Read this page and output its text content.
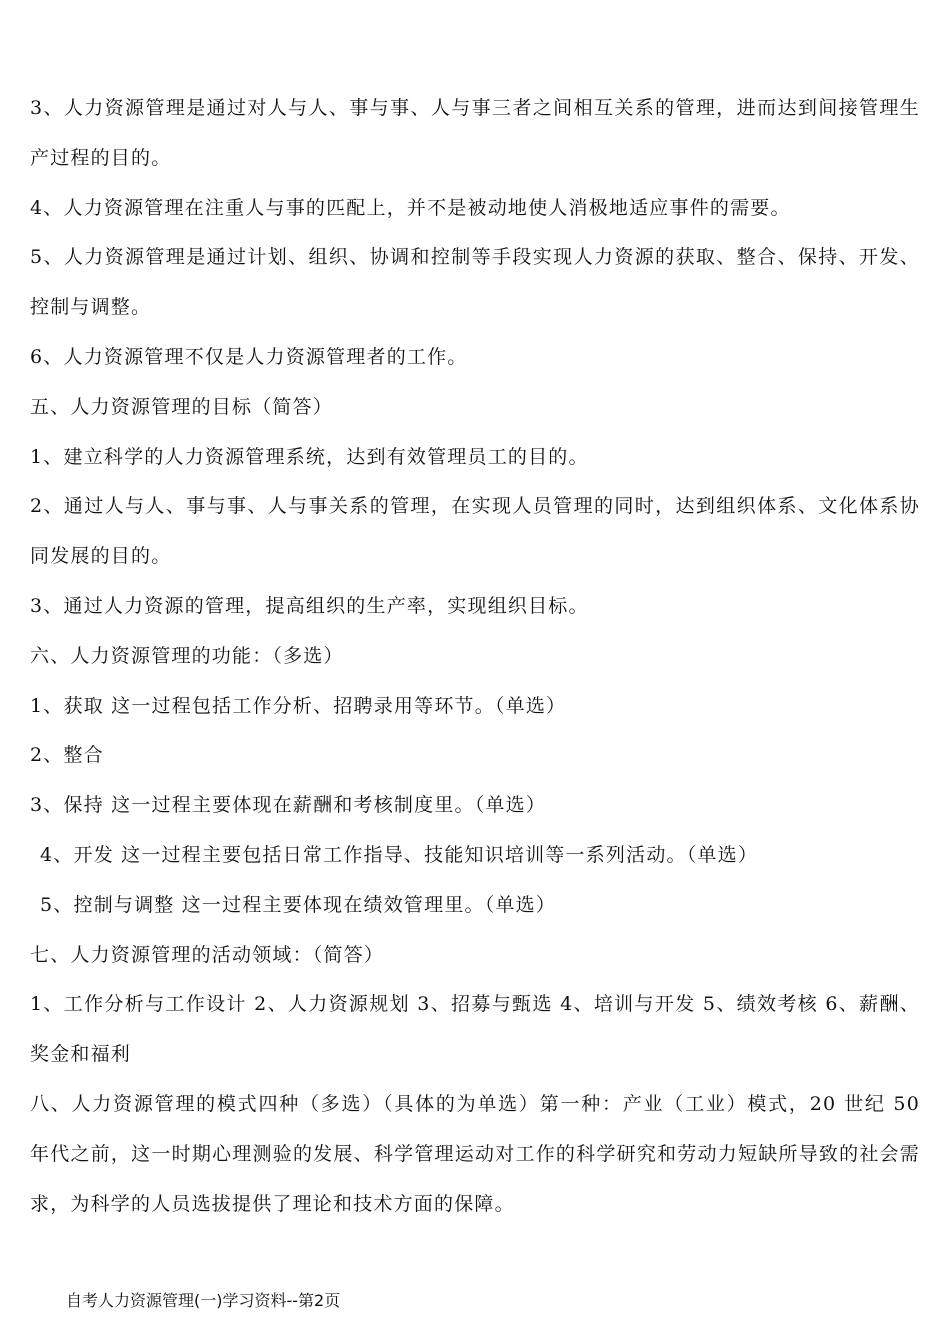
3、人力资源管理是通过对人与人、事与事、人与事三者之间相互关系的管理，进而达到间接管理生产过程的目的。

4、人力资源管理在注重人与事的匹配上，并不是被动地使人消极地适应事件的需要。

5、人力资源管理是通过计划、组织、协调和控制等手段实现人力资源的获取、整合、保持、开发、控制与调整。

6、人力资源管理不仅是人力资源管理者的工作。

五、人力资源管理的目标（简答）

1、建立科学的人力资源管理系统，达到有效管理员工的目的。

2、通过人与人、事与事、人与事关系的管理，在实现人员管理的同时，达到组织体系、文化体系协同发展的目的。

3、通过人力资源的管理，提高组织的生产率，实现组织目标。

六、人力资源管理的功能：（多选）

1、获取 这一过程包括工作分析、招聘录用等环节。（单选）

2、整合

3、保持 这一过程主要体现在薪酬和考核制度里。（单选）

4、开发 这一过程主要包括日常工作指导、技能知识培训等一系列活动。（单选）

5、控制与调整 这一过程主要体现在绩效管理里。（单选）

七、人力资源管理的活动领域：（简答）

1、工作分析与工作设计 2、人力资源规划 3、招募与甄选 4、培训与开发 5、绩效考核 6、薪酬、奖金和福利

八、人力资源管理的模式四种（多选）（具体的为单选）第一种：产业（工业）模式，20 世纪 50 年代之前，这一时期心理测验的发展、科学管理运动对工作的科学研究和劳动力短缺所导致的社会需求，为科学的人员选拔提供了理论和技术方面的保障。

自考人力资源管理(一)学习资料--第2页
